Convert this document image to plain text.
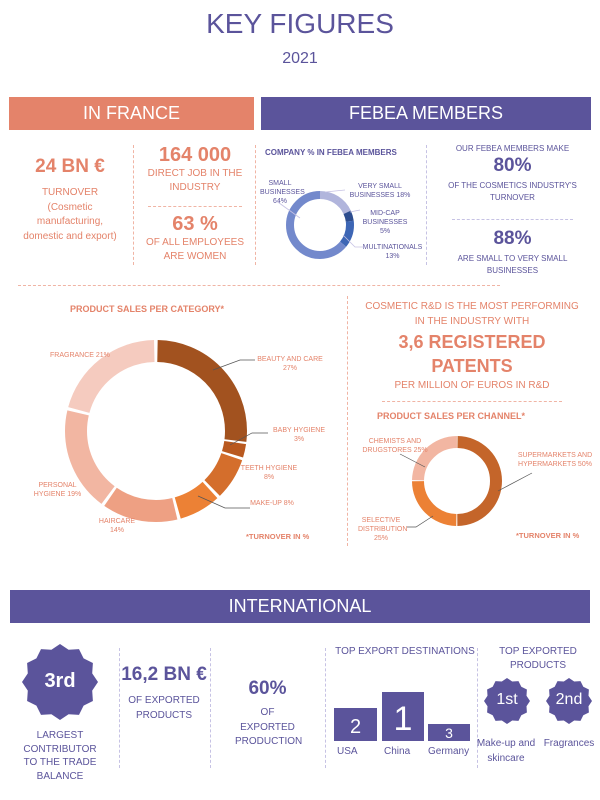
KEY FIGURES
2021
IN FRANCE	FEBEA MEMBERS
24 BN €
TURNOVER (Cosmetic manufacturing, domestic and export)
164 000
DIRECT JOB IN THE INDUSTRY
63 %
OF ALL EMPLOYEES ARE WOMEN
COMPANY % IN FEBEA MEMBERS
SMALL BUSINESSES 64%
VERY SMALL BUSINESSES 18%
MID-CAP BUSINESSES 5%
MULTINATIONALS 13%
OUR FEBEA MEMBERS MAKE
80%
OF THE COSMETICS INDUSTRY'S TURNOVER
88%
ARE SMALL TO VERY SMALL BUSINESSES
PRODUCT SALES PER CATEGORY*
FRAGRANCE 21%
BEAUTY AND CARE 27%
BABY HYGIENE 3%
TEETH HYGIENE 8%
MAKE-UP 8%
HAIRCARE 14%
PERSONAL HYGIENE 19%
*TURNOVER IN %
COSMETIC R&D IS THE MOST PERFORMING IN THE INDUSTRY WITH
3,6 REGISTERED
PATENTS
PER MILLION OF EUROS IN R&D
PRODUCT SALES PER CHANNEL*
CHEMISTS AND DRUGSTORES 25%
SUPERMARKETS AND HYPERMARKETS 50%
SELECTIVE DISTRIBUTION 25%	*TURNOVER IN %
INTERNATIONAL
3rd
LARGEST CONTRIBUTOR TO THE TRADE BALANCE
16,2 BN €
OF EXPORTED PRODUCTS
60%
OF EXPORTED PRODUCTION
TOP EXPORT DESTINATIONS
2 1 3
USA	China Germany
TOP EXPORTED PRODUCTS
1st	2nd
Make-up and skincare
Fragrances
